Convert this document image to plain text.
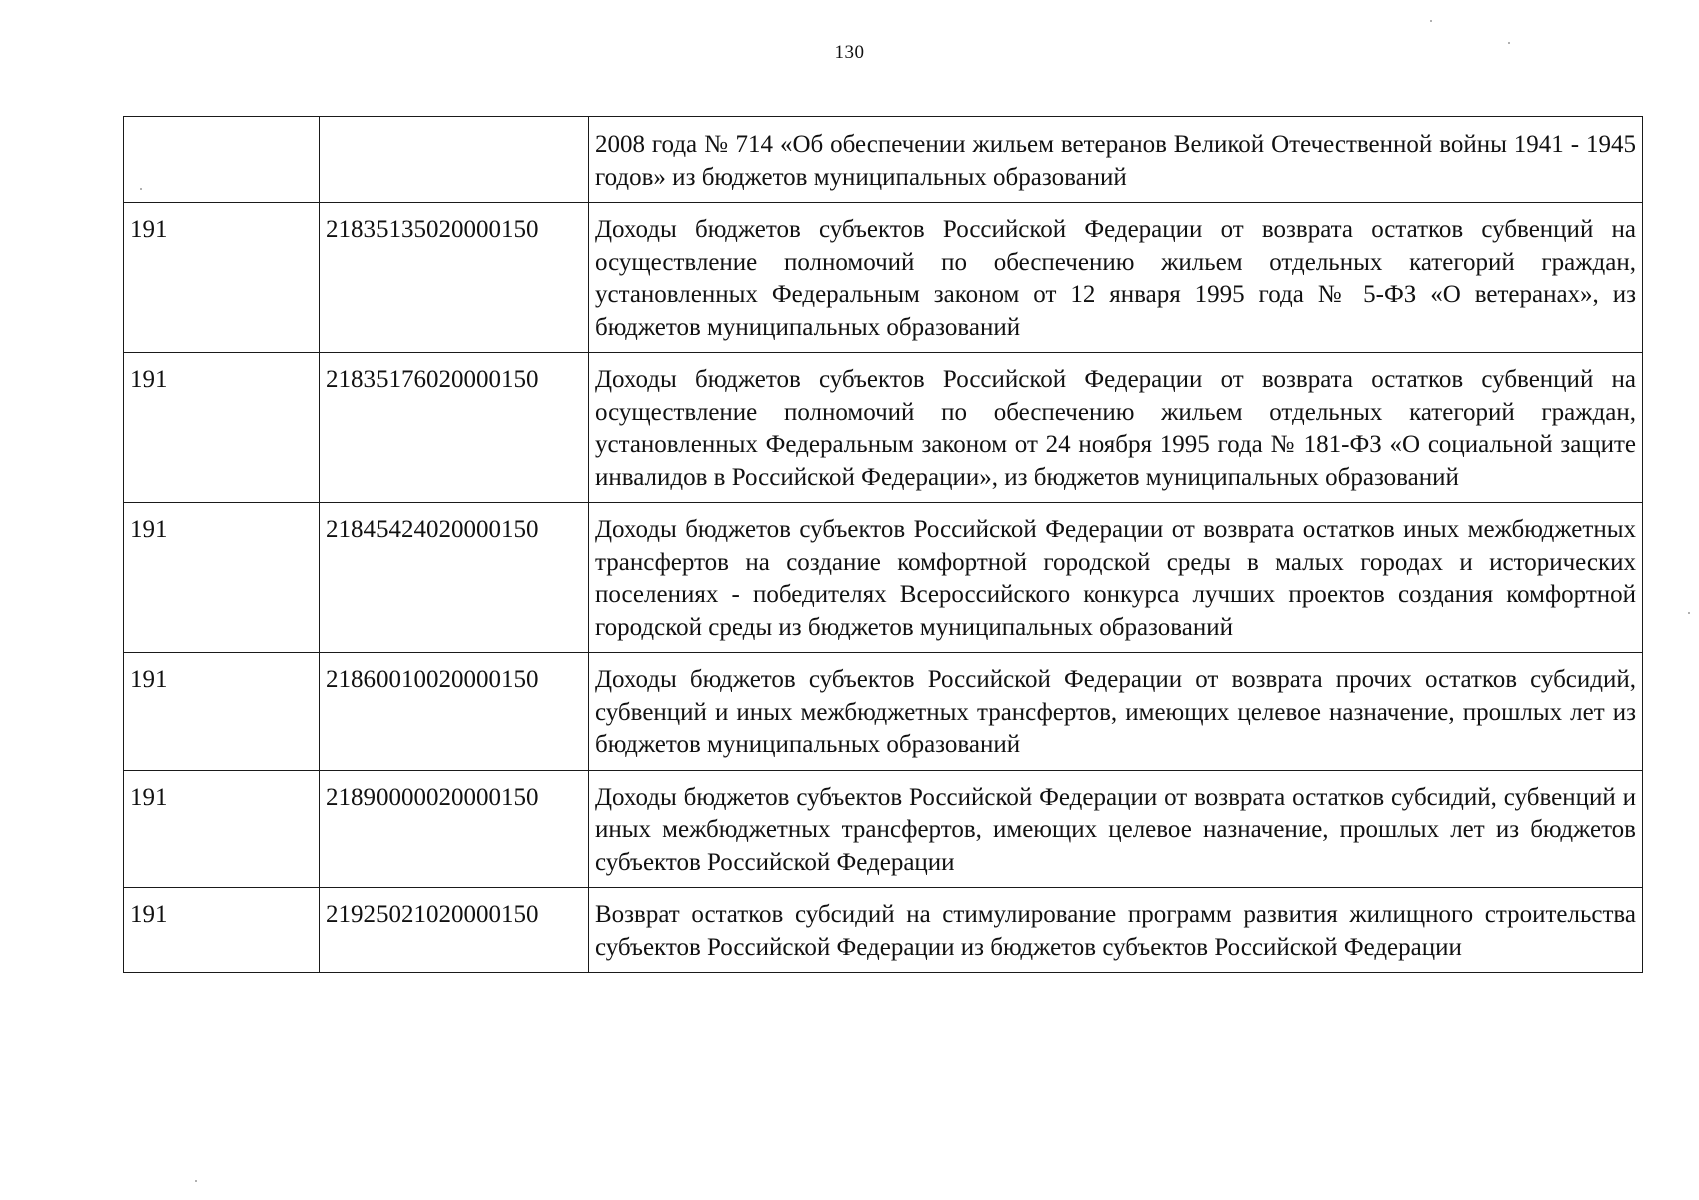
130
		2008 года № 714 «Об обеспечении жильем ветеранов Великой Отечественной войны 1941 - 1945 годов» из бюджетов муниципальных образований
191	21835135020000150	Доходы бюджетов субъектов Российской Федерации от возврата остатков субвенций на осуществление полномочий по обеспечению жильем отдельных категорий граждан, установленных Федеральным законом от 12 января 1995 года № 5-ФЗ «О ветеранах», из бюджетов муниципальных образований
191	21835176020000150	Доходы бюджетов субъектов Российской Федерации от возврата остатков субвенций на осуществление полномочий по обеспечению жильем отдельных категорий граждан, установленных Федеральным законом от 24 ноября 1995 года № 181-ФЗ «О социальной защите инвалидов в Российской Федерации», из бюджетов муниципальных образований
191	21845424020000150	Доходы бюджетов субъектов Российской Федерации от возврата остатков иных межбюджетных трансфертов на создание комфортной городской среды в малых городах и исторических поселениях - победителях Всероссийского конкурса лучших проектов создания комфортной городской среды из бюджетов муниципальных образований
191	21860010020000150	Доходы бюджетов субъектов Российской Федерации от возврата прочих остатков субсидий, субвенций и иных межбюджетных трансфертов, имеющих целевое назначение, прошлых лет из бюджетов муниципальных образований
191	21890000020000150	Доходы бюджетов субъектов Российской Федерации от возврата остатков субсидий, субвенций и иных межбюджетных трансфертов, имеющих целевое назначение, прошлых лет из бюджетов субъектов Российской Федерации
191	21925021020000150	Возврат остатков субсидий на стимулирование программ развития жилищного строительства субъектов Российской Федерации из бюджетов субъектов Российской Федерации
